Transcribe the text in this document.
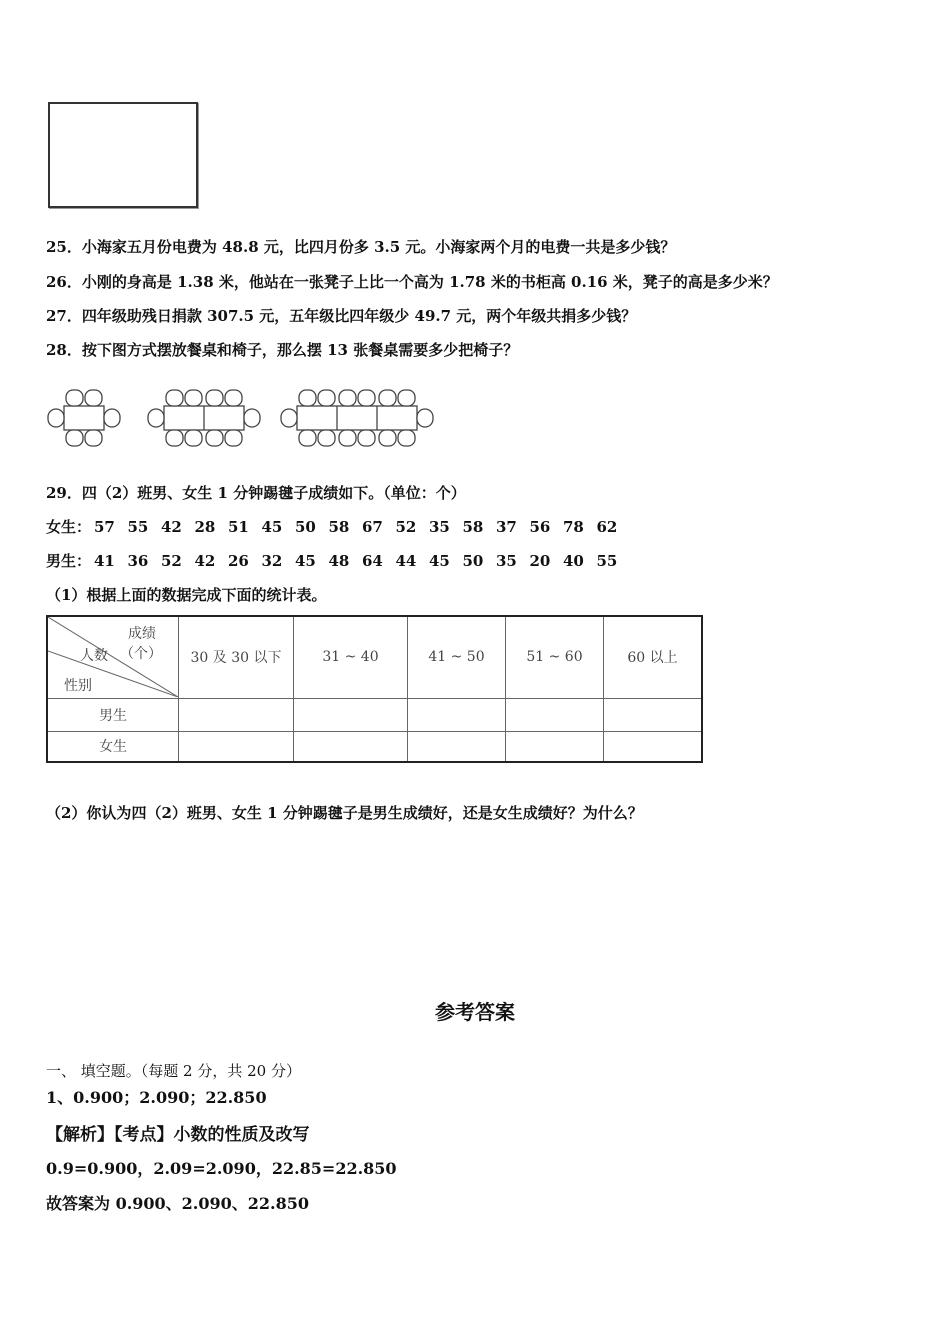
25．小海家五月份电费为 48.8 元，比四月份多 3.5 元。小海家两个月的电费一共是多少钱？
26．小刚的身高是 1.38 米，他站在一张凳子上比一个高为 1.78 米的书柜高 0.16 米，凳子的高是多少米？
27．四年级助残日捐款 307.5 元，五年级比四年级少 49.7 元，两个年级共捐多少钱？
28．按下图方式摆放餐桌和椅子，那么摆 13 张餐桌需要多少把椅子？
29．四（2）班男、女生 1 分钟踢毽子成绩如下。（单位：个）
女生： 57 55 42 28 51 45 50 58 67 52 35 58 37 56 78 62
男生： 41 36 52 42 26 32 45 48 64 44 45 50 35 20 40 55
（1）根据上面的数据完成下面的统计表。
成绩
（个）
人数
性别	30 及 30 以下	31 ~ 40	41 ~ 50	51 ~ 60	60 以上
男生					
女生					
（2）你认为四（2）班男、女生 1 分钟踢毽子是男生成绩好，还是女生成绩好？为什么？
参考答案
一、 填空题。（每题 2 分，共 20 分）
1、0.900；2.090；22.850
【解析】【考点】小数的性质及改写
0.9=0.900，2.09=2.090，22.85=22.850
故答案为 0.900、2.090、22.850
